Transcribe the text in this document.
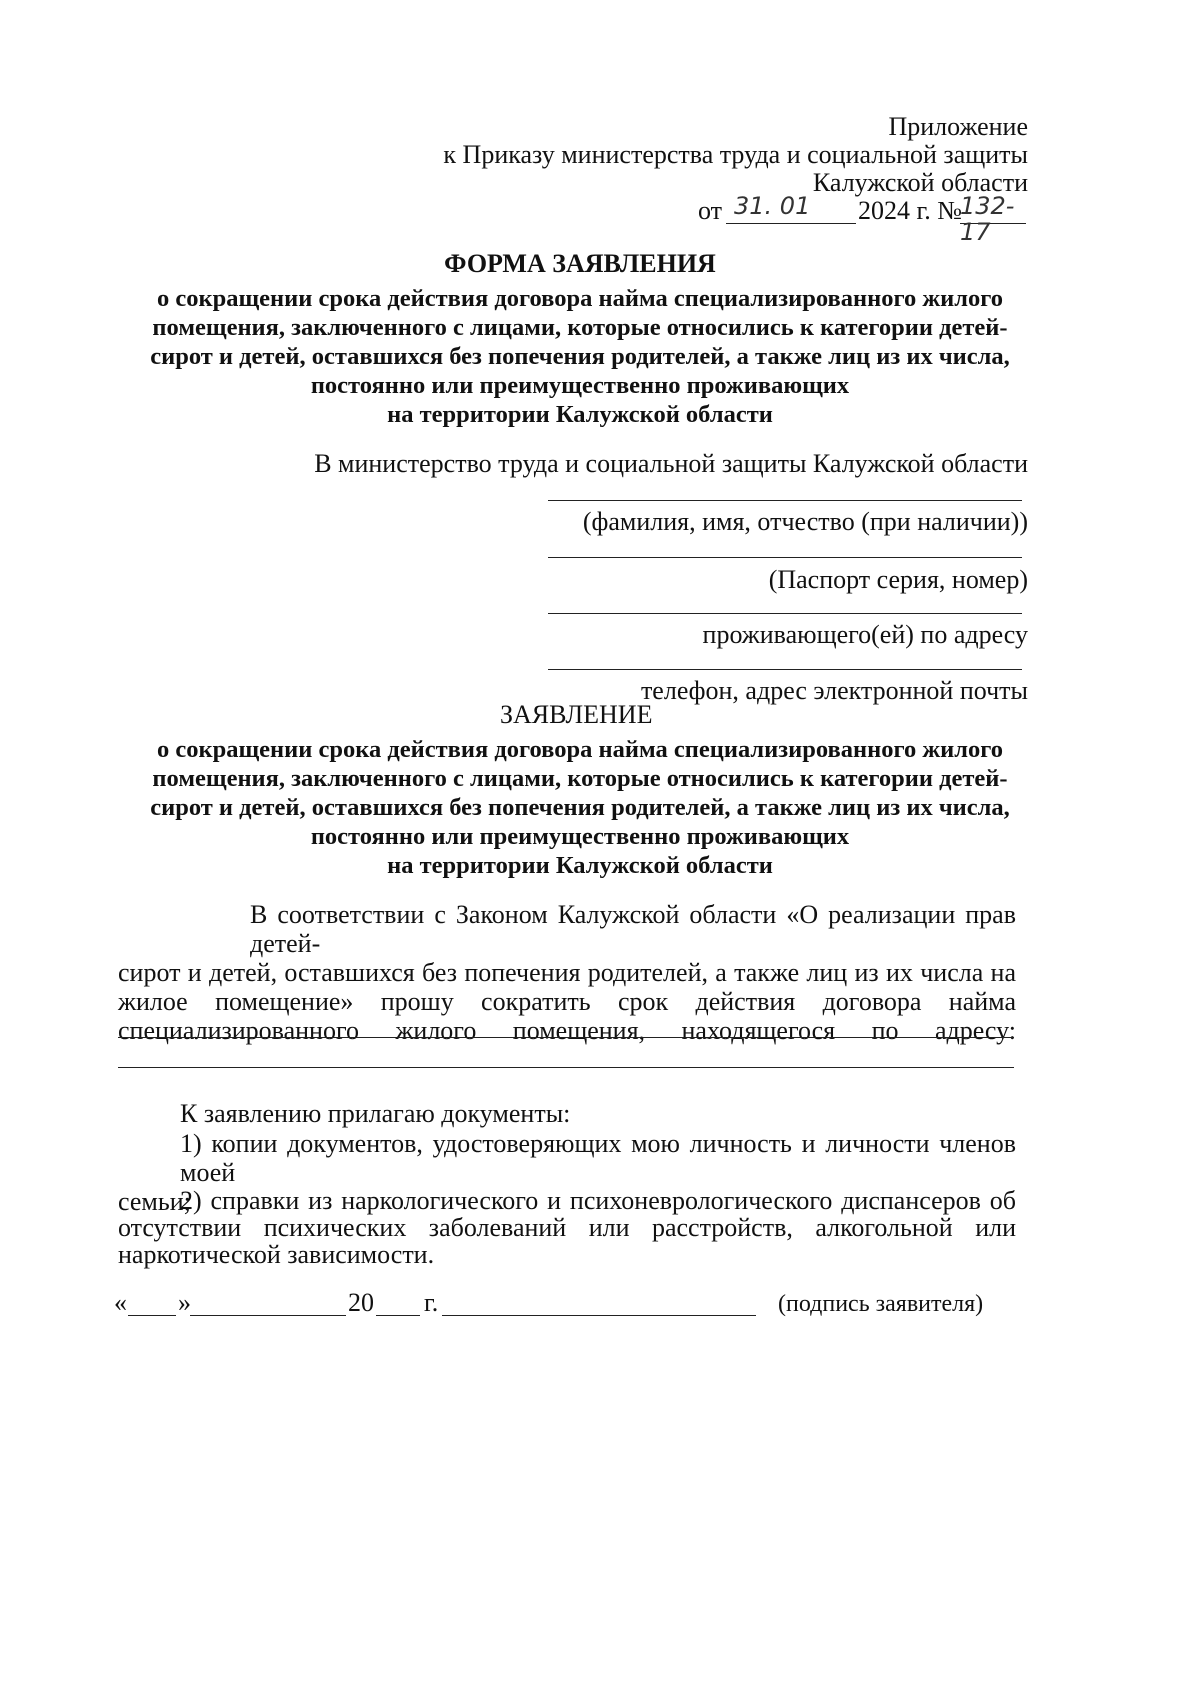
Приложение
к Приказу министерства труда и социальной защиты
Калужской области
от 31. 01 2024 г. №
132-17
ФОРМА ЗАЯВЛЕНИЯ
о сокращении срока действия договора найма специализированного жилого
помещения, заключенного с лицами, которые относились к категории детей-
сирот и детей, оставшихся без попечения родителей, а также лиц из их числа,
постоянно или преимущественно проживающих
на территории Калужской области
В министерство труда и социальной защиты Калужской области
(фамилия, имя, отчество (при наличии))
(Паспорт серия, номер)
проживающего(ей) по адресу
телефон, адрес электронной почты
ЗАЯВЛЕНИЕ
о сокращении срока действия договора найма специализированного жилого
помещения, заключенного с лицами, которые относились к категории детей-
сирот и детей, оставшихся без попечения родителей, а также лиц из их числа,
постоянно или преимущественно проживающих
на территории Калужской области
В соответствии с Законом Калужской области «О реализации прав детей-
сирот и детей, оставшихся без попечения родителей, а также лиц из их числа на
жилое помещение» прошу сократить срок действия договора найма
специализированного жилого помещения, находящегося по адресу:
К заявлению прилагаю документы:
1) копии документов, удостоверяющих мою личность и личности членов моей
семьи;
2) справки из наркологического и психоневрологического диспансеров об
отсутствии психических заболеваний или расстройств, алкогольной или
наркотической зависимости.
« »	20 г.	(подпись заявителя)
